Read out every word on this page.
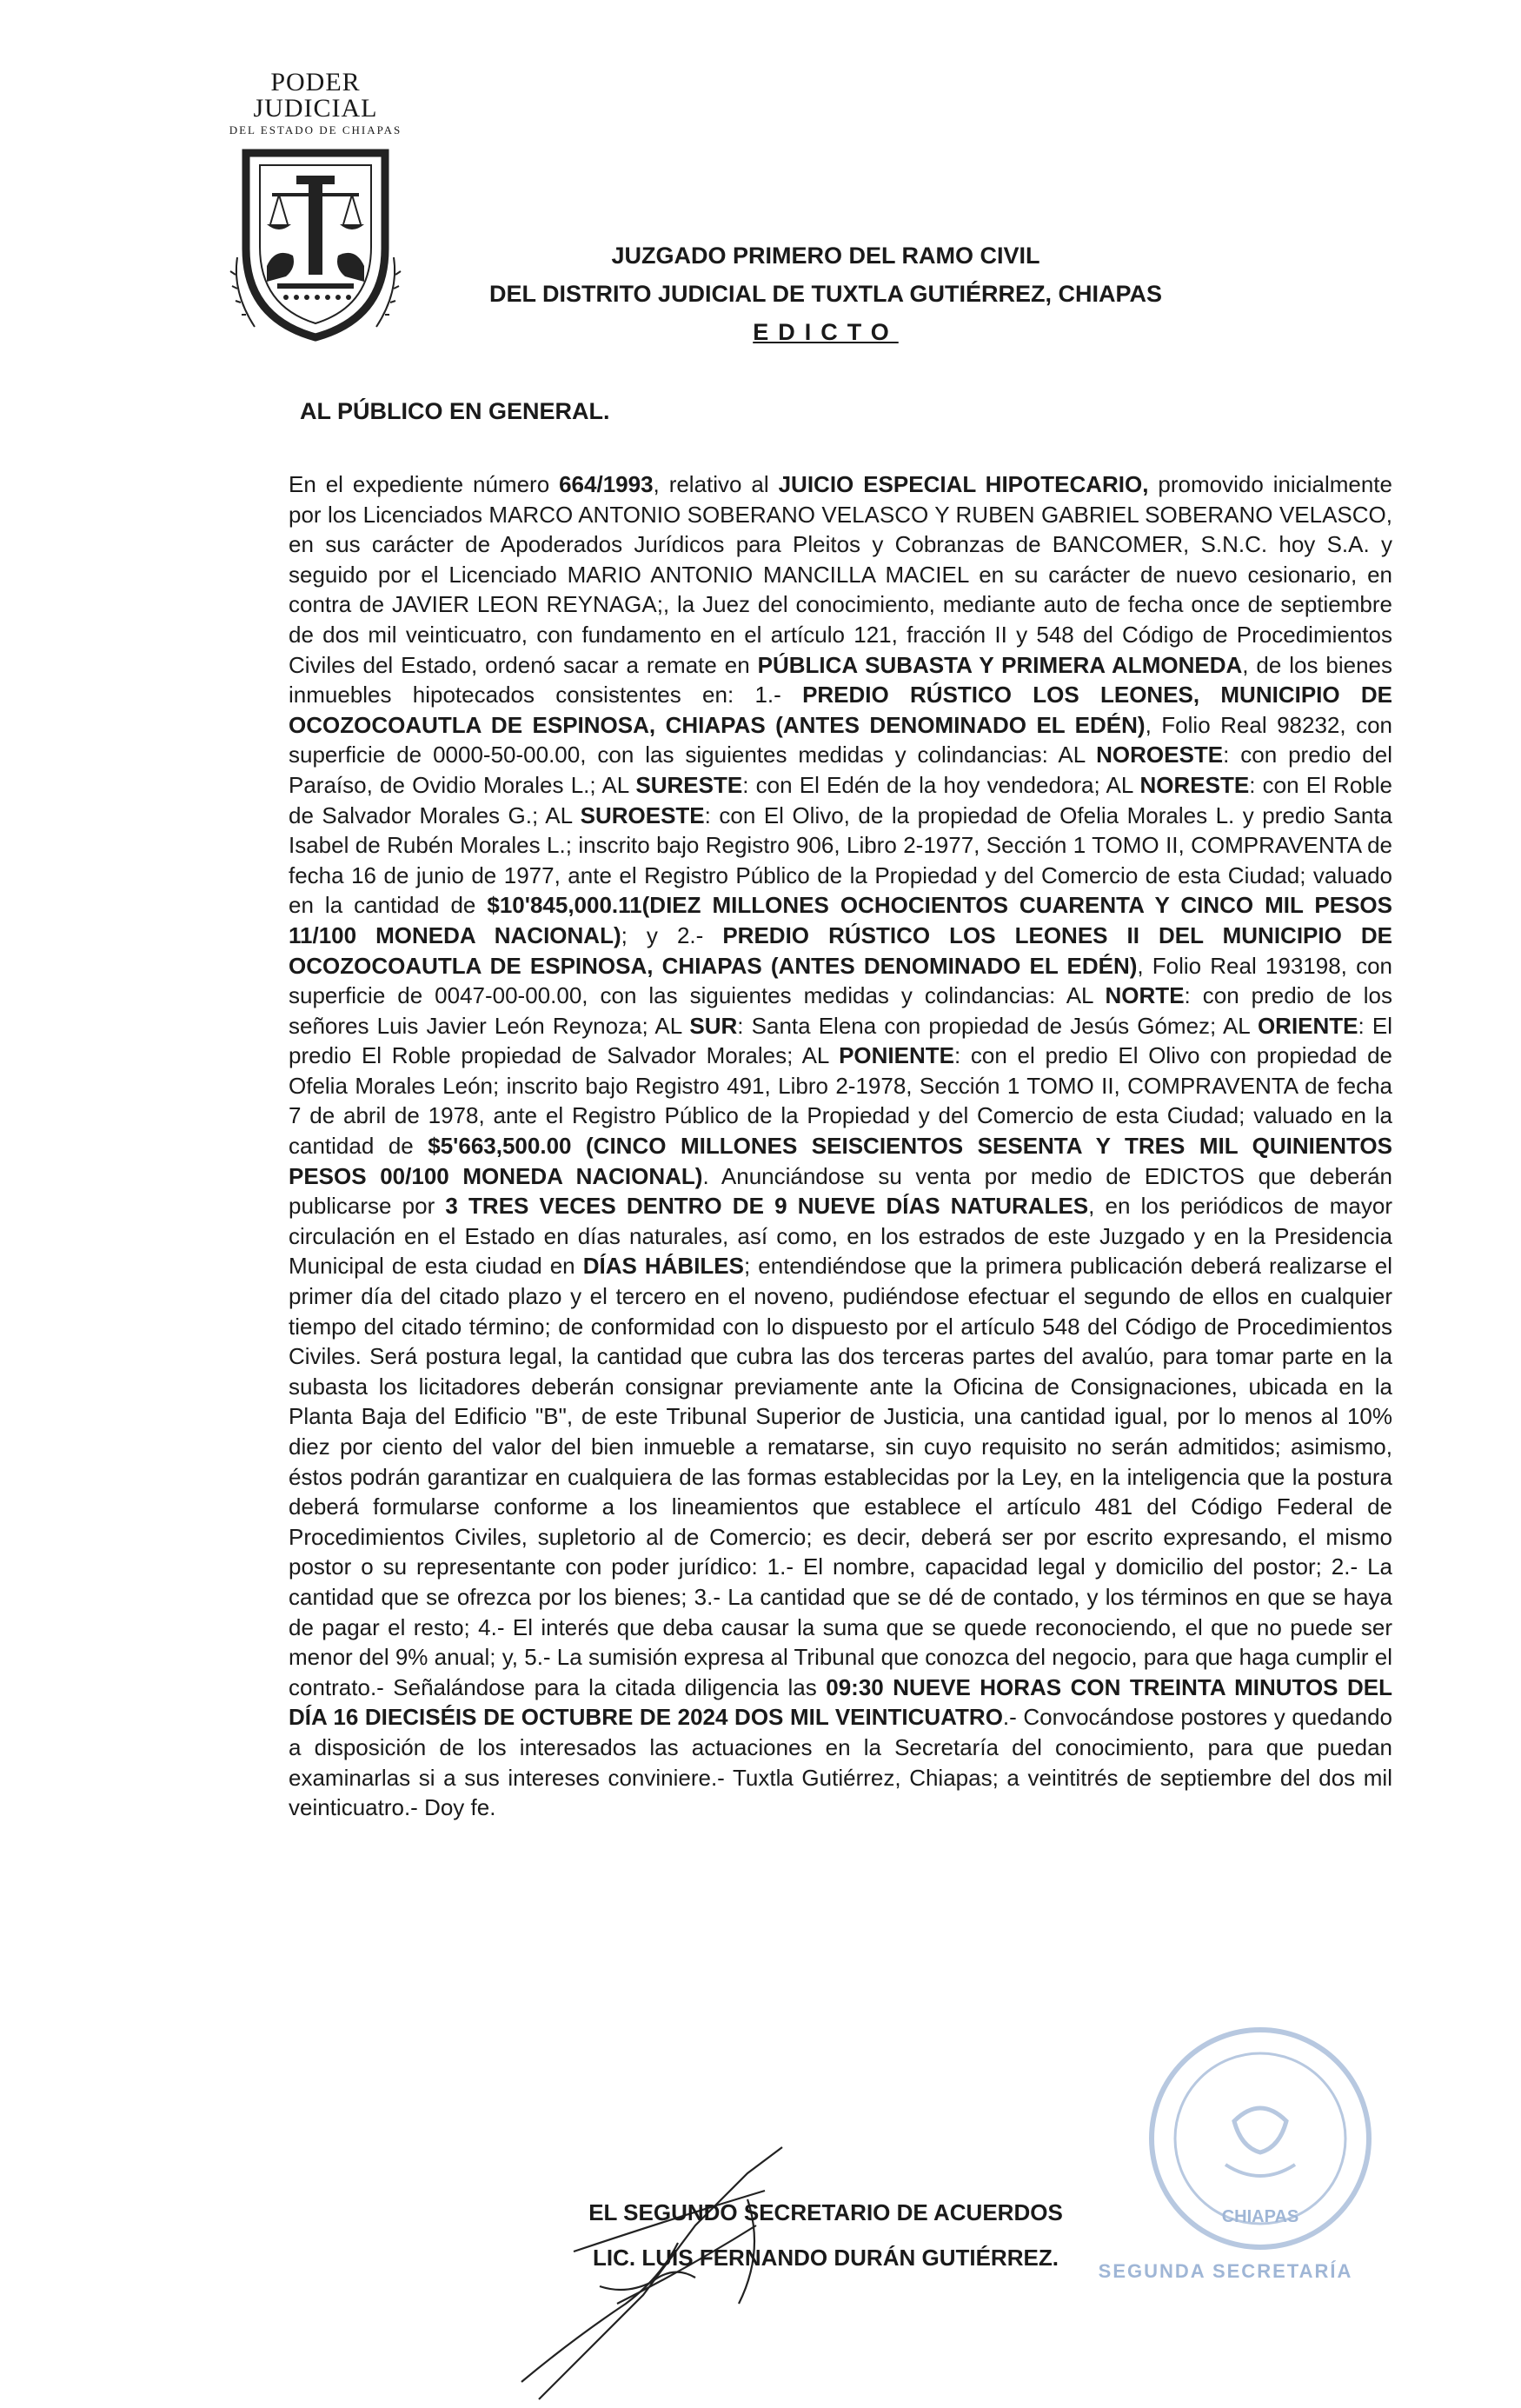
PODER JUDICIAL
DEL ESTADO DE CHIAPAS
JUZGADO PRIMERO DEL RAMO CIVIL
DEL DISTRITO JUDICIAL DE TUXTLA GUTIÉRREZ, CHIAPAS
EDICTO
AL PÚBLICO EN GENERAL.
En el expediente número 664/1993, relativo al JUICIO ESPECIAL HIPOTECARIO, promovido inicialmente por los Licenciados MARCO ANTONIO SOBERANO VELASCO Y RUBEN GABRIEL SOBERANO VELASCO, en sus carácter de Apoderados Jurídicos para Pleitos y Cobranzas de BANCOMER, S.N.C. hoy S.A. y seguido por el Licenciado MARIO ANTONIO MANCILLA MACIEL en su carácter de nuevo cesionario, en contra de JAVIER LEON REYNAGA;, la Juez del conocimiento, mediante auto de fecha once de septiembre de dos mil veinticuatro, con fundamento en el artículo 121, fracción II y 548 del Código de Procedimientos Civiles del Estado, ordenó sacar a remate en PÚBLICA SUBASTA Y PRIMERA ALMONEDA, de los bienes inmuebles hipotecados consistentes en: 1.- PREDIO RÚSTICO LOS LEONES, MUNICIPIO DE OCOZOCOAUTLA DE ESPINOSA, CHIAPAS (ANTES DENOMINADO EL EDÉN), Folio Real 98232, con superficie de 0000-50-00.00, con las siguientes medidas y colindancias: AL NOROESTE: con predio del Paraíso, de Ovidio Morales L.; AL SURESTE: con El Edén de la hoy vendedora; AL NORESTE: con El Roble de Salvador Morales G.; AL SUROESTE: con El Olivo, de la propiedad de Ofelia Morales L. y predio Santa Isabel de Rubén Morales L.; inscrito bajo Registro 906, Libro 2-1977, Sección 1 TOMO II, COMPRAVENTA de fecha 16 de junio de 1977, ante el Registro Público de la Propiedad y del Comercio de esta Ciudad; valuado en la cantidad de $10'845,000.11(DIEZ MILLONES OCHOCIENTOS CUARENTA Y CINCO MIL PESOS 11/100 MONEDA NACIONAL); y 2.- PREDIO RÚSTICO LOS LEONES II DEL MUNICIPIO DE OCOZOCOAUTLA DE ESPINOSA, CHIAPAS (ANTES DENOMINADO EL EDÉN), Folio Real 193198, con superficie de 0047-00-00.00, con las siguientes medidas y colindancias: AL NORTE: con predio de los señores Luis Javier León Reynoza; AL SUR: Santa Elena con propiedad de Jesús Gómez; AL ORIENTE: El predio El Roble propiedad de Salvador Morales; AL PONIENTE: con el predio El Olivo con propiedad de Ofelia Morales León; inscrito bajo Registro 491, Libro 2-1978, Sección 1 TOMO II, COMPRAVENTA de fecha 7 de abril de 1978, ante el Registro Público de la Propiedad y del Comercio de esta Ciudad; valuado en la cantidad de $5'663,500.00 (CINCO MILLONES SEISCIENTOS SESENTA Y TRES MIL QUINIENTOS PESOS 00/100 MONEDA NACIONAL). Anunciándose su venta por medio de EDICTOS que deberán publicarse por 3 TRES VECES DENTRO DE 9 NUEVE DÍAS NATURALES, en los periódicos de mayor circulación en el Estado en días naturales, así como, en los estrados de este Juzgado y en la Presidencia Municipal de esta ciudad en DÍAS HÁBILES; entendiéndose que la primera publicación deberá realizarse el primer día del citado plazo y el tercero en el noveno, pudiéndose efectuar el segundo de ellos en cualquier tiempo del citado término; de conformidad con lo dispuesto por el artículo 548 del Código de Procedimientos Civiles. Será postura legal, la cantidad que cubra las dos terceras partes del avalúo, para tomar parte en la subasta los licitadores deberán consignar previamente ante la Oficina de Consignaciones, ubicada en la Planta Baja del Edificio "B", de este Tribunal Superior de Justicia, una cantidad igual, por lo menos al 10% diez por ciento del valor del bien inmueble a rematarse, sin cuyo requisito no serán admitidos; asimismo, éstos podrán garantizar en cualquiera de las formas establecidas por la Ley, en la inteligencia que la postura deberá formularse conforme a los lineamientos que establece el artículo 481 del Código Federal de Procedimientos Civiles, supletorio al de Comercio; es decir, deberá ser por escrito expresando, el mismo postor o su representante con poder jurídico: 1.- El nombre, capacidad legal y domicilio del postor; 2.- La cantidad que se ofrezca por los bienes; 3.- La cantidad que se dé de contado, y los términos en que se haya de pagar el resto; 4.- El interés que deba causar la suma que se quede reconociendo, el que no puede ser menor del 9% anual; y, 5.- La sumisión expresa al Tribunal que conozca del negocio, para que haga cumplir el contrato.- Señalándose para la citada diligencia las 09:30 NUEVE HORAS CON TREINTA MINUTOS DEL DÍA 16 DIECISÉIS DE OCTUBRE DE 2024 DOS MIL VEINTICUATRO.- Convocándose postores y quedando a disposición de los interesados las actuaciones en la Secretaría del conocimiento, para que puedan examinarlas si a sus intereses conviniere.- Tuxtla Gutiérrez, Chiapas; a veintitrés de septiembre del dos mil veinticuatro.- Doy fe.
CHIAPAS
SEGUNDA SECRETARÍA
EL SEGUNDO SECRETARIO DE ACUERDOS
LIC. LUIS FERNANDO DURÁN GUTIÉRREZ.
